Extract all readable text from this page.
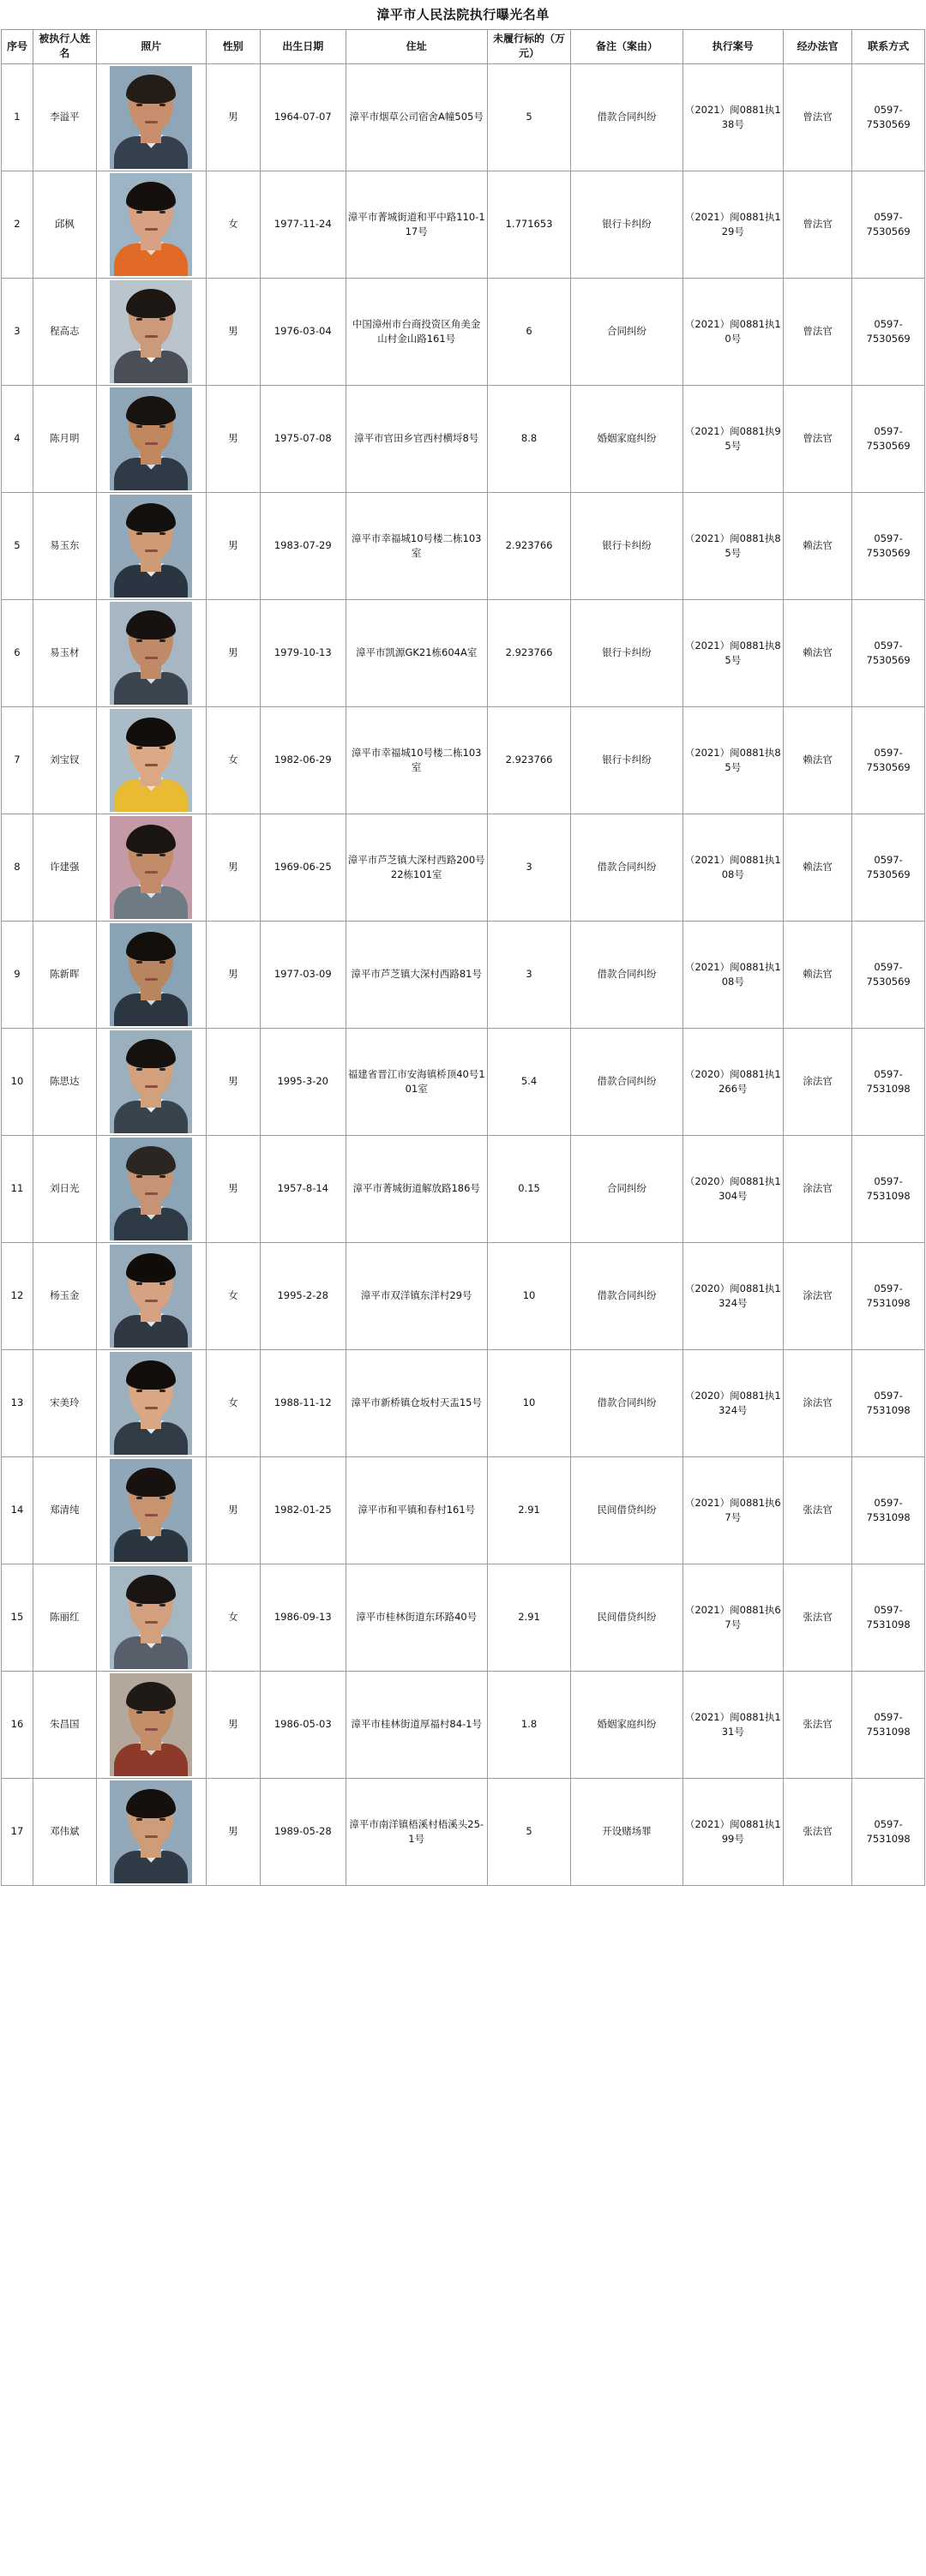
漳平市人民法院执行曝光名单
序号	被执行人姓名	照片	性别	出生日期	住址	未履行标的（万元）	备注（案由）	执行案号	经办法官	联系方式
1	李溢平		男	1964-07-07	漳平市烟草公司宿舍A幢505号	5	借款合同纠纷	（2021）闽0881执138号	曾法官	0597-
7530569
2	邱枫		女	1977-11-24	漳平市菁城街道和平中路110-117号	1.771653	银行卡纠纷	（2021）闽0881执129号	曾法官	0597-
7530569
3	程高志		男	1976-03-04	中国漳州市台商投资区角美金山村金山路161号	6	合同纠纷	（2021）闽0881执10号	曾法官	0597-
7530569
4	陈月明		男	1975-07-08	漳平市官田乡官西村横埒8号	8.8	婚姻家庭纠纷	（2021）闽0881执95号	曾法官	0597-
7530569
5	易玉东		男	1983-07-29	漳平市幸福城10号楼二栋103室	2.923766	银行卡纠纷	（2021）闽0881执85号	赖法官	0597-
7530569
6	易玉材		男	1979-10-13	漳平市凯源GK21栋604A室	2.923766	银行卡纠纷	（2021）闽0881执85号	赖法官	0597-
7530569
7	刘宝钗		女	1982-06-29	漳平市幸福城10号楼二栋103室	2.923766	银行卡纠纷	（2021）闽0881执85号	赖法官	0597-
7530569
8	许建强		男	1969-06-25	漳平市芦芝镇大深村西路200号22栋101室	3	借款合同纠纷	（2021）闽0881执108号	赖法官	0597-
7530569
9	陈新晖		男	1977-03-09	漳平市芦芝镇大深村西路81号	3	借款合同纠纷	（2021）闽0881执108号	赖法官	0597-
7530569
10	陈思达		男	1995-3-20	福建省晋江市安海镇桥顶40号101室	5.4	借款合同纠纷	（2020）闽0881执1266号	涂法官	0597-
7531098
11	刘日光		男	1957-8-14	漳平市菁城街道解放路186号	0.15	合同纠纷	（2020）闽0881执1304号	涂法官	0597-
7531098
12	杨玉金		女	1995-2-28	漳平市双洋镇东洋村29号	10	借款合同纠纷	（2020）闽0881执1324号	涂法官	0597-
7531098
13	宋美玲		女	1988-11-12	漳平市新桥镇仓坂村天盂15号	10	借款合同纠纷	（2020）闽0881执1324号	涂法官	0597-
7531098
14	郑清纯		男	1982-01-25	漳平市和平镇和春村161号	2.91	民间借贷纠纷	（2021）闽0881执67号	张法官	0597-
7531098
15	陈丽红		女	1986-09-13	漳平市桂林街道东环路40号	2.91	民间借贷纠纷	（2021）闽0881执67号	张法官	0597-
7531098
16	朱昌国		男	1986-05-03	漳平市桂林街道厚福村84-1号	1.8	婚姻家庭纠纷	（2021）闽0881执131号	张法官	0597-
7531098
17	邓伟斌		男	1989-05-28	漳平市南洋镇梧溪村梧溪头25-1号	5	开设赌场罪	（2021）闽0881执199号	张法官	0597-
7531098
